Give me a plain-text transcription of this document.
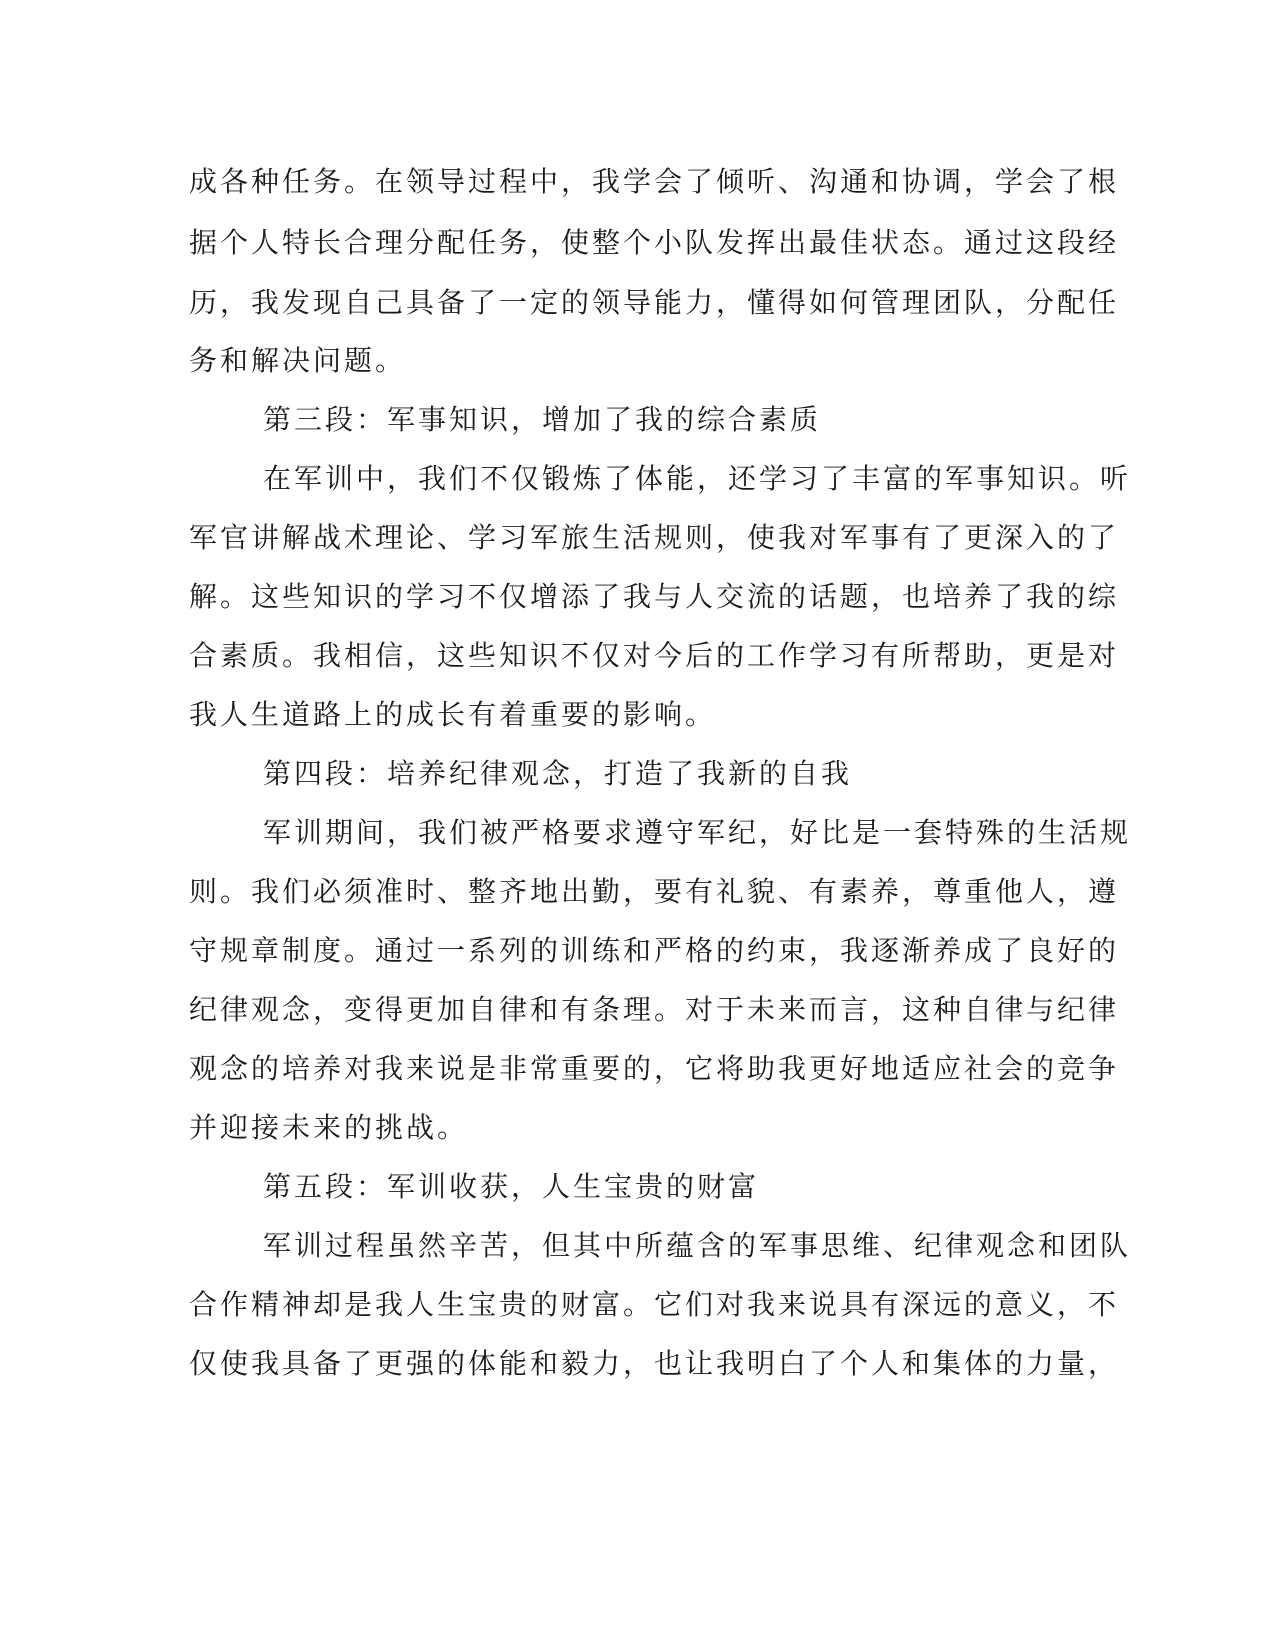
成各种任务。在领导过程中，我学会了倾听、沟通和协调，学会了根
据个人特长合理分配任务，使整个小队发挥出最佳状态。通过这段经
历，我发现自己具备了一定的领导能力，懂得如何管理团队，分配任
务和解决问题。
第三段：军事知识，增加了我的综合素质
在军训中，我们不仅锻炼了体能，还学习了丰富的军事知识。听
军官讲解战术理论、学习军旅生活规则，使我对军事有了更深入的了
解。这些知识的学习不仅增添了我与人交流的话题，也培养了我的综
合素质。我相信，这些知识不仅对今后的工作学习有所帮助，更是对
我人生道路上的成长有着重要的影响。
第四段：培养纪律观念，打造了我新的自我
军训期间，我们被严格要求遵守军纪，好比是一套特殊的生活规
则。我们必须准时、整齐地出勤，要有礼貌、有素养，尊重他人，遵
守规章制度。通过一系列的训练和严格的约束，我逐渐养成了良好的
纪律观念，变得更加自律和有条理。对于未来而言，这种自律与纪律
观念的培养对我来说是非常重要的，它将助我更好地适应社会的竞争
并迎接未来的挑战。
第五段：军训收获，人生宝贵的财富
军训过程虽然辛苦，但其中所蕴含的军事思维、纪律观念和团队
合作精神却是我人生宝贵的财富。它们对我来说具有深远的意义，不
仅使我具备了更强的体能和毅力，也让我明白了个人和集体的力量，
